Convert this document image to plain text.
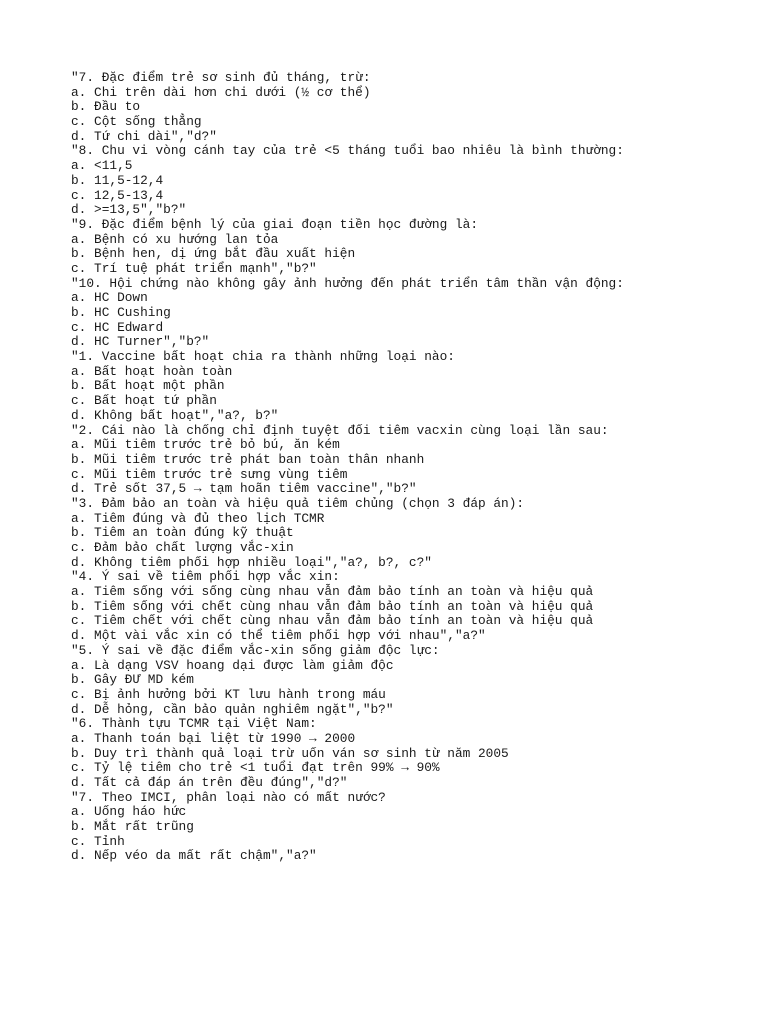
"7. Đặc điểm trẻ sơ sinh đủ tháng, trừ:
a. Chi trên dài hơn chi dưới (½ cơ thể)
b. Đầu to
c. Cột sống thẳng
d. Tứ chi dài","d?"
"8. Chu vi vòng cánh tay của trẻ <5 tháng tuổi bao nhiêu là bình thường:
a. <11,5
b. 11,5-12,4
c. 12,5-13,4
d. >=13,5","b?"
"9. Đặc điểm bệnh lý của giai đoạn tiền học đường là:
a. Bệnh có xu hướng lan tỏa
b. Bệnh hen, dị ứng bắt đầu xuất hiện
c. Trí tuệ phát triển mạnh","b?"
"10. Hội chứng nào không gây ảnh hưởng đến phát triển tâm thần vận động:
a. HC Down
b. HC Cushing
c. HC Edward
d. HC Turner","b?"
"1. Vaccine bất hoạt chia ra thành những loại nào:
a. Bất hoạt hoàn toàn
b. Bất hoạt một phần
c. Bất hoạt tứ phần
d. Không bất hoạt","a?, b?"
"2. Cái nào là chống chỉ định tuyệt đối tiêm vacxin cùng loại lần sau:
a. Mũi tiêm trước trẻ bỏ bú, ăn kém
b. Mũi tiêm trước trẻ phát ban toàn thân nhanh
c. Mũi tiêm trước trẻ sưng vùng tiêm
d. Trẻ sốt 37,5 → tạm hoãn tiêm vaccine","b?"
"3. Đảm bảo an toàn và hiệu quả tiêm chủng (chọn 3 đáp án):
a. Tiêm đúng và đủ theo lịch TCMR
b. Tiêm an toàn đúng kỹ thuật
c. Đảm bảo chất lượng vắc-xin
d. Không tiêm phối hợp nhiều loại","a?, b?, c?"
"4. Ý sai về tiêm phối hợp vắc xin:
a. Tiêm sống với sống cùng nhau vẫn đảm bảo tính an toàn và hiệu quả
b. Tiêm sống với chết cùng nhau vẫn đảm bảo tính an toàn và hiệu quả
c. Tiêm chết với chết cùng nhau vẫn đảm bảo tính an toàn và hiệu quả
d. Một vài vắc xin có thể tiêm phối hợp với nhau","a?"
"5. Ý sai về đặc điểm vắc-xin sống giảm độc lực:
a. Là dạng VSV hoang dại được làm giảm độc
b. Gây ĐƯ MD kém
c. Bị ảnh hưởng bởi KT lưu hành trong máu
d. Dễ hỏng, cần bảo quản nghiêm ngặt","b?"
"6. Thành tựu TCMR tại Việt Nam:
a. Thanh toán bại liệt từ 1990 → 2000
b. Duy trì thành quả loại trừ uốn ván sơ sinh từ năm 2005
c. Tỷ lệ tiêm cho trẻ <1 tuổi đạt trên 99% → 90%
d. Tất cả đáp án trên đều đúng","d?"
"7. Theo IMCI, phân loại nào có mất nước?
a. Uống háo hức
b. Mắt rất trũng
c. Tỉnh
d. Nếp véo da mất rất chậm","a?"
